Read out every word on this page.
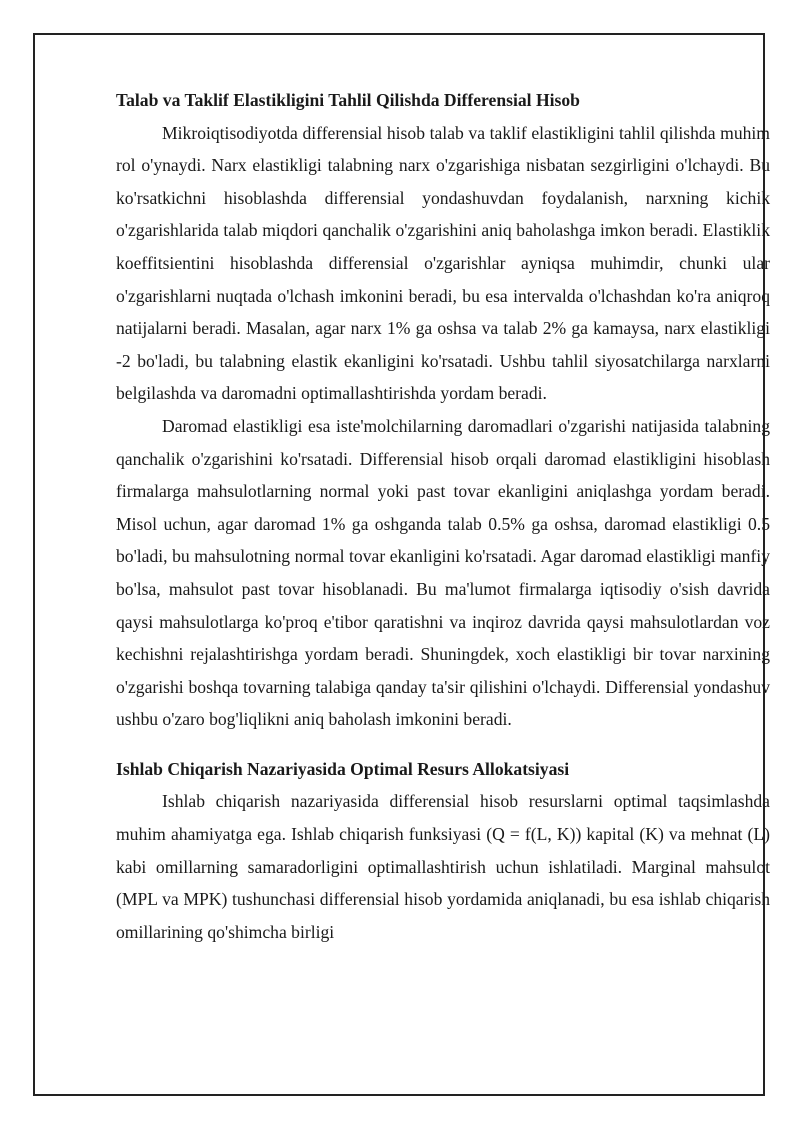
Talab va Taklif Elastikligini Tahlil Qilishda Differensial Hisob

Mikroiqtisodiyotda differensial hisob talab va taklif elastikligini tahlil qilishda muhim rol o'ynaydi. Narx elastikligi talabning narx o'zgarishiga nisbatan sezgirligini o'lchaydi. Bu ko'rsatkichni hisoblashda differensial yondashuvdan foydalanish, narxning kichik o'zgarishlarida talab miqdori qanchalik o'zgarishini aniq baholashga imkon beradi. Elastiklik koeffitsientini hisoblashda differensial o'zgarishlar ayniqsa muhimdir, chunki ular o'zgarishlarni nuqtada o'lchash imkonini beradi, bu esa intervalda o'lchashdan ko'ra aniqroq natijalarni beradi. Masalan, agar narx 1% ga oshsa va talab 2% ga kamaysa, narx elastikligi -2 bo'ladi, bu talabning elastik ekanligini ko'rsatadi. Ushbu tahlil siyosatchilarga narxlarni belgilashda va daromadni optimallashtirishda yordam beradi.

Daromad elastikligi esa iste'molchilarning daromadlari o'zgarishi natijasida talabning qanchalik o'zgarishini ko'rsatadi. Differensial hisob orqali daromad elastikligini hisoblash firmalarga mahsulotlarning normal yoki past tovar ekanligini aniqlashga yordam beradi. Misol uchun, agar daromad 1% ga oshganda talab 0.5% ga oshsa, daromad elastikligi 0.5 bo'ladi, bu mahsulotning normal tovar ekanligini ko'rsatadi. Agar daromad elastikligi manfiy bo'lsa, mahsulot past tovar hisoblanadi. Bu ma'lumot firmalarga iqtisodiy o'sish davrida qaysi mahsulotlarga ko'proq e'tibor qaratishni va inqiroz davrida qaysi mahsulotlardan voz kechishni rejalashtirishga yordam beradi. Shuningdek, xoch elastikligi bir tovar narxining o'zgarishi boshqa tovarning talabiga qanday ta'sir qilishini o'lchaydi. Differensial yondashuv ushbu o'zaro bog'liqlikni aniq baholash imkonini beradi.

Ishlab Chiqarish Nazariyasida Optimal Resurs Allokatsiyasi

Ishlab chiqarish nazariyasida differensial hisob resurslarni optimal taqsimlashda muhim ahamiyatga ega. Ishlab chiqarish funksiyasi (Q = f(L, K)) kapital (K) va mehnat (L) kabi omillarning samaradorligini optimallashtirish uchun ishlatiladi. Marginal mahsulot (MPL va MPK) tushunchasi differensial hisob yordamida aniqlanadi, bu esa ishlab chiqarish omillarining qo'shimcha birligi
